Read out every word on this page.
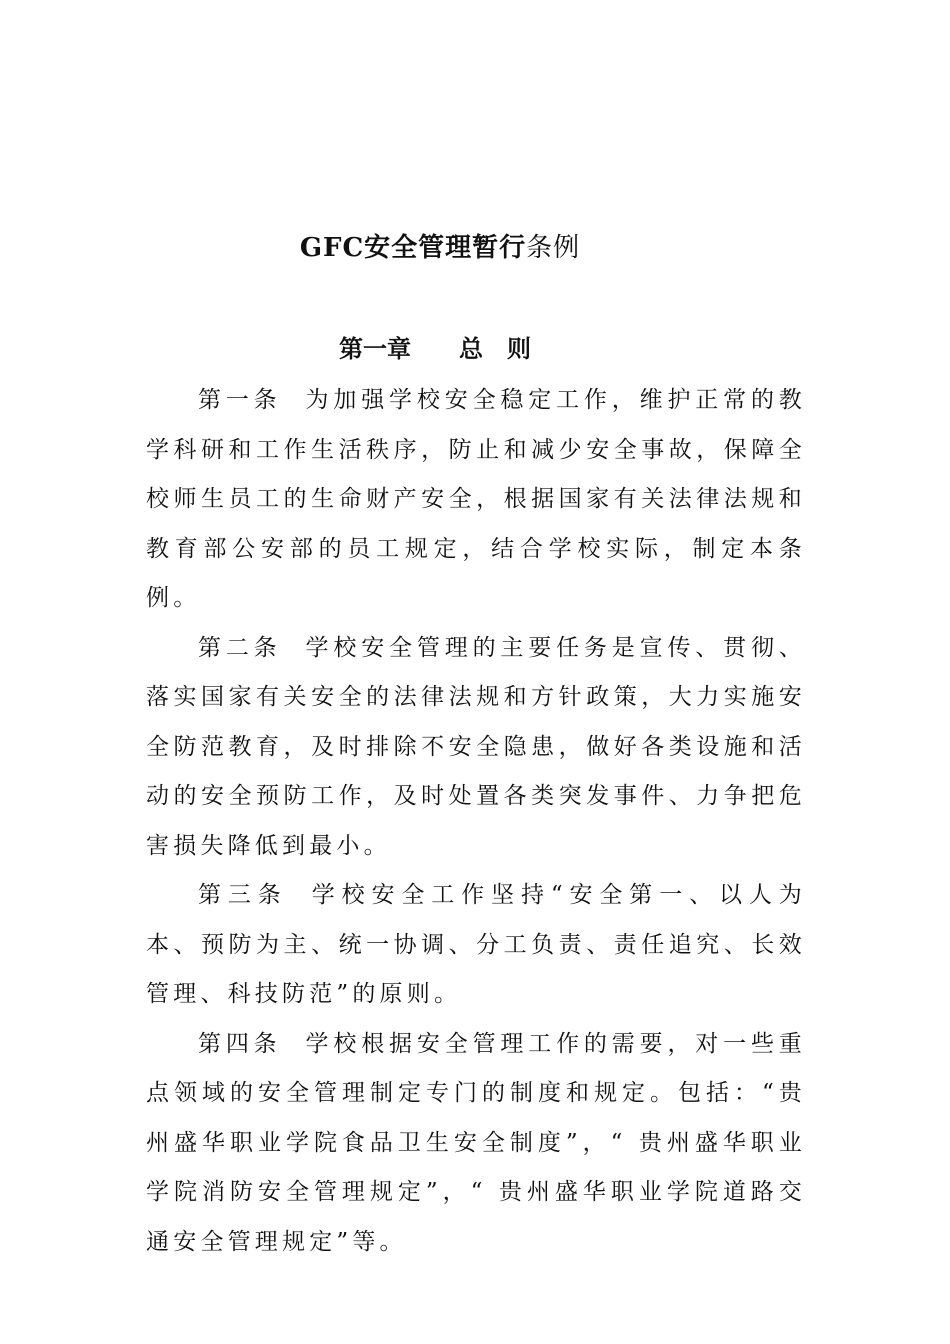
GFC安全管理暂行条例
第一章　　总　则

第一条 为加强学校安全稳定工作，维护正常的教学科研和工作生活秩序，防止和减少安全事故，保障全校师生员工的生命财产安全，根据国家有关法律法规和教育部公安部的员工规定，结合学校实际，制定本条例。

第二条 学校安全管理的主要任务是宣传、贯彻、落实国家有关安全的法律法规和方针政策，大力实施安全防范教育，及时排除不安全隐患，做好各类设施和活动的安全预防工作，及时处置各类突发事件、力争把危害损失降低到最小。

第三条 学校安全工作坚持“安全第一、以人为本、预防为主、统一协调、分工负责、责任追究、长效管理、科技防范”的原则。

第四条 学校根据安全管理工作的需要，对一些重点领域的安全管理制定专门的制度和规定。包括：“贵州盛华职业学院食品卫生安全制度”，“ 贵州盛华职业学院消防安全管理规定”，“ 贵州盛华职业学院道路交通安全管理规定”等。
